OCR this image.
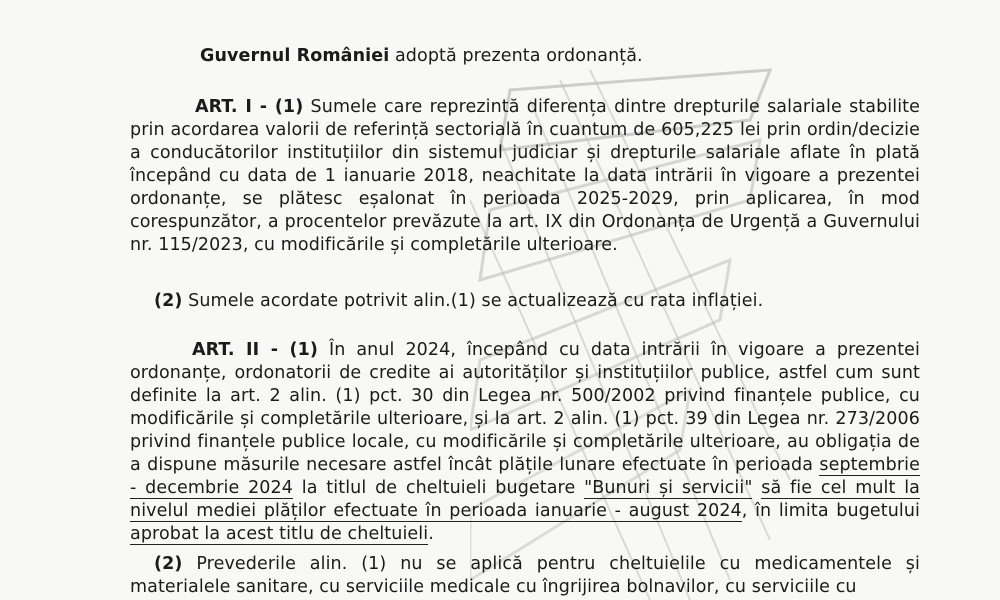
Guvernul României adoptă prezenta ordonanță.

ART. I - (1) Sumele care reprezintă diferența dintre drepturile salariale stabilite prin acordarea valorii de referință sectorială în cuantum de 605,225 lei prin ordin/decizie a conducătorilor instituțiilor din sistemul judiciar și drepturile salariale aflate în plată începând cu data de 1 ianuarie 2018, neachitate la data intrării în vigoare a prezentei ordonanțe, se plătesc eșalonat în perioada 2025-2029, prin aplicarea, în mod corespunzător, a procentelor prevăzute la art. IX din Ordonanța de Urgență a Guvernului nr. 115/2023, cu modificările și completările ulterioare.

(2) Sumele acordate potrivit alin.(1) se actualizează cu rata inflației.

ART. II - (1) În anul 2024, începând cu data intrării în vigoare a prezentei ordonanțe, ordonatorii de credite ai autorităților și instituțiilor publice, astfel cum sunt definite la art. 2 alin. (1) pct. 30 din Legea nr. 500/2002 privind finanțele publice, cu modificările și completările ulterioare, și la art. 2 alin. (1) pct. 39 din Legea nr. 273/2006 privind finanțele publice locale, cu modificările și completările ulterioare, au obligația de a dispune măsurile necesare astfel încât plățile lunare efectuate în perioada septembrie - decembrie 2024 la titlul de cheltuieli bugetare "Bunuri și servicii" să fie cel mult la nivelul mediei plăților efectuate în perioada ianuarie - august 2024, în limita bugetului aprobat la acest titlu de cheltuieli.

(2) Prevederile alin. (1) nu se aplică pentru cheltuielile cu medicamentele și materialele sanitare, cu serviciile medicale cu îngrijirea bolnavilor, cu serviciile cu
